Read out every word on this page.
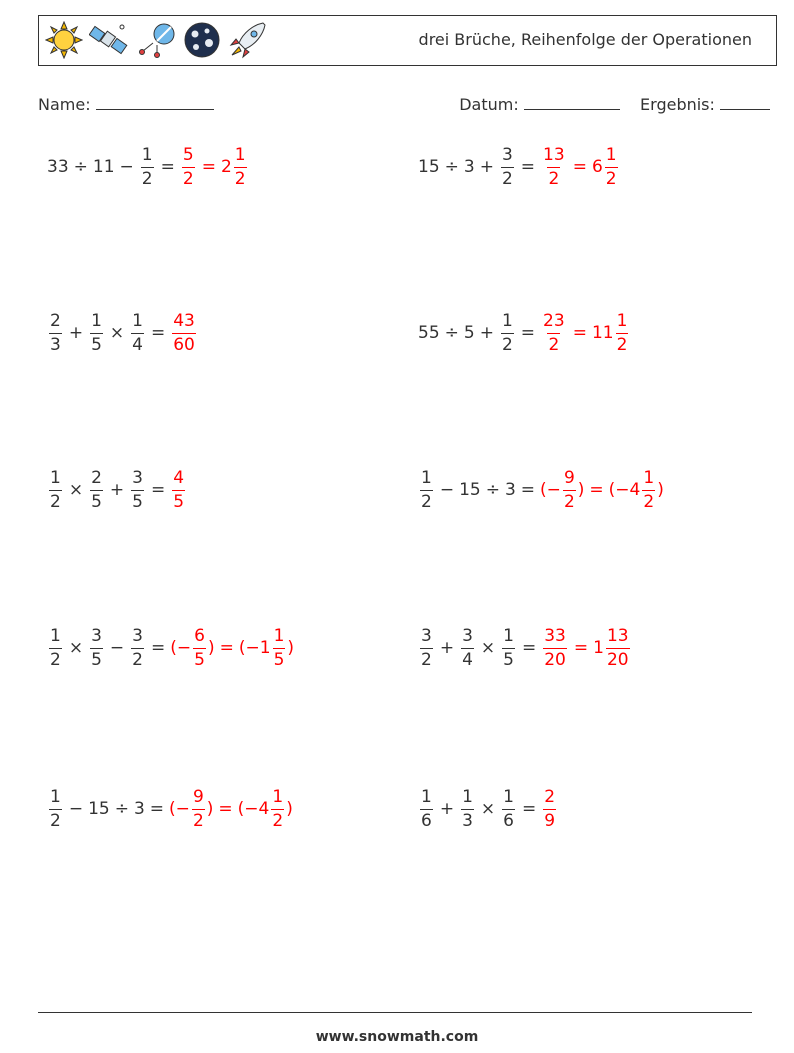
drei Brüche, Reihenfolge der Operationen
Name:	Datum:	Ergebnis:
$33 \div 11 - \frac{1}{2} = \frac{5}{2} = 2 \frac{1}{2}$	$15 \div 3 + \frac{3}{2} = \frac{13}{2} = 6 \frac{1}{2}$
$\frac{2}{3} + \frac{1}{5} \times \frac{1}{4} = \frac{43}{60}$	$55 \div 5 + \frac{1}{2} = \frac{23}{2} = 11 \frac{1}{2}$
$\frac{1}{2} \times \frac{2}{5} + \frac{3}{5} = \frac{4}{5}$	$\frac{1}{2} - 15 \div 3$ = (− $\frac{9}{2}$ ) = (− $4 \frac{1}{2}$ )
$\frac{1}{2} \times \frac{3}{5} - \frac{3}{2}$ = (− $\frac{6}{5}$ ) = (− $1 \frac{1}{5}$ )	$\frac{3}{2} + \frac{3}{4} \times \frac{1}{5} = \frac{33}{20} = 1 \frac{13}{20}$
$\frac{1}{2} - 15 \div 3$ = (− $\frac{9}{2}$ ) = (− $4 \frac{1}{2}$ )	$\frac{1}{6} + \frac{1}{3} \times \frac{1}{6} = \frac{2}{9}$
www.snowmath.com
